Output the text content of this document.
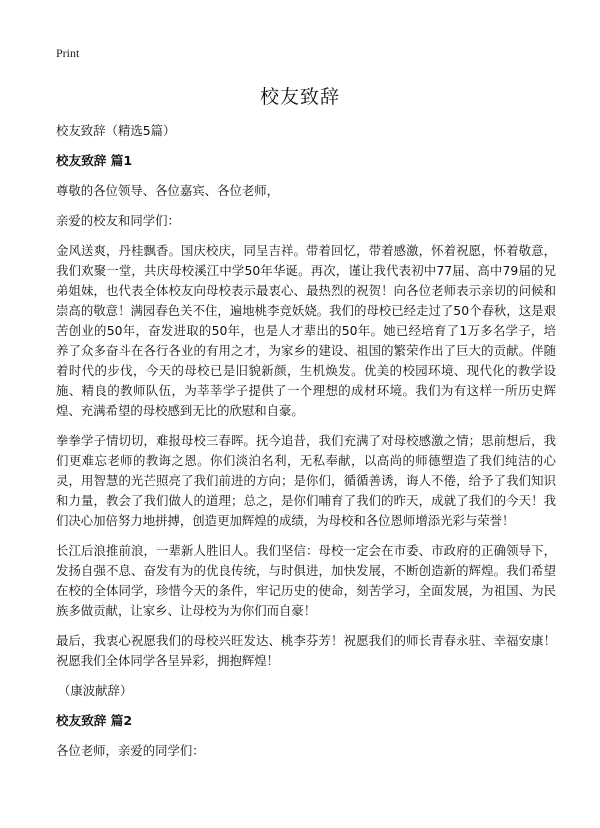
Print
校友致辞

校友致辞（精选5篇）

校友致辞 篇1

尊敬的各位领导、各位嘉宾、各位老师，

亲爱的校友和同学们：

金风送爽，丹桂飘香。国庆校庆，同呈吉祥。带着回忆，带着感激，怀着祝愿，怀着敬意，我们欢聚一堂，共庆母校溪江中学50年华诞。再次，谨让我代表初中77届、高中79届的兄弟姐妹，也代表全体校友向母校表示最衷心、最热烈的祝贺！向各位老师表示亲切的问候和崇高的敬意！满园春色关不住，遍地桃李竞妖娆。我们的母校已经走过了50个春秋，这是艰苦创业的50年，奋发进取的50年，也是人才辈出的50年。她已经培育了1万多名学子，培养了众多奋斗在各行各业的有用之才，为家乡的建设、祖国的繁荣作出了巨大的贡献。伴随着时代的步伐，今天的母校已是旧貌新颜，生机焕发。优美的校园环境、现代化的教学设施、精良的教师队伍，为莘莘学子提供了一个理想的成材环境。我们为有这样一所历史辉煌、充满希望的母校感到无比的欣慰和自豪。

拳拳学子情切切，难报母校三春晖。抚今追昔，我们充满了对母校感激之情；思前想后，我们更难忘老师的教诲之恩。你们淡泊名利，无私奉献，以高尚的师德塑造了我们纯洁的心灵，用智慧的光芒照亮了我们前进的方向；是你们，循循善诱，诲人不倦，给予了我们知识和力量，教会了我们做人的道理；总之，是你们哺育了我们的昨天，成就了我们的今天！我们决心加倍努力地拼搏，创造更加辉煌的成绩，为母校和各位恩师增添光彩与荣誉！

长江后浪推前浪，一辈新人胜旧人。我们坚信：母校一定会在市委、市政府的正确领导下，发扬自强不息、奋发有为的优良传统，与时俱进，加快发展，不断创造新的辉煌。我们希望在校的全体同学，珍惜今天的条件，牢记历史的使命，刻苦学习，全面发展，为祖国、为民族多做贡献，让家乡、让母校为为你们而自豪！

最后，我衷心祝愿我们的母校兴旺发达、桃李芬芳！祝愿我们的师长青春永驻、幸福安康！祝愿我们全体同学各呈异彩，拥抱辉煌！

（康波献辞）

校友致辞 篇2

各位老师，亲爱的同学们：
